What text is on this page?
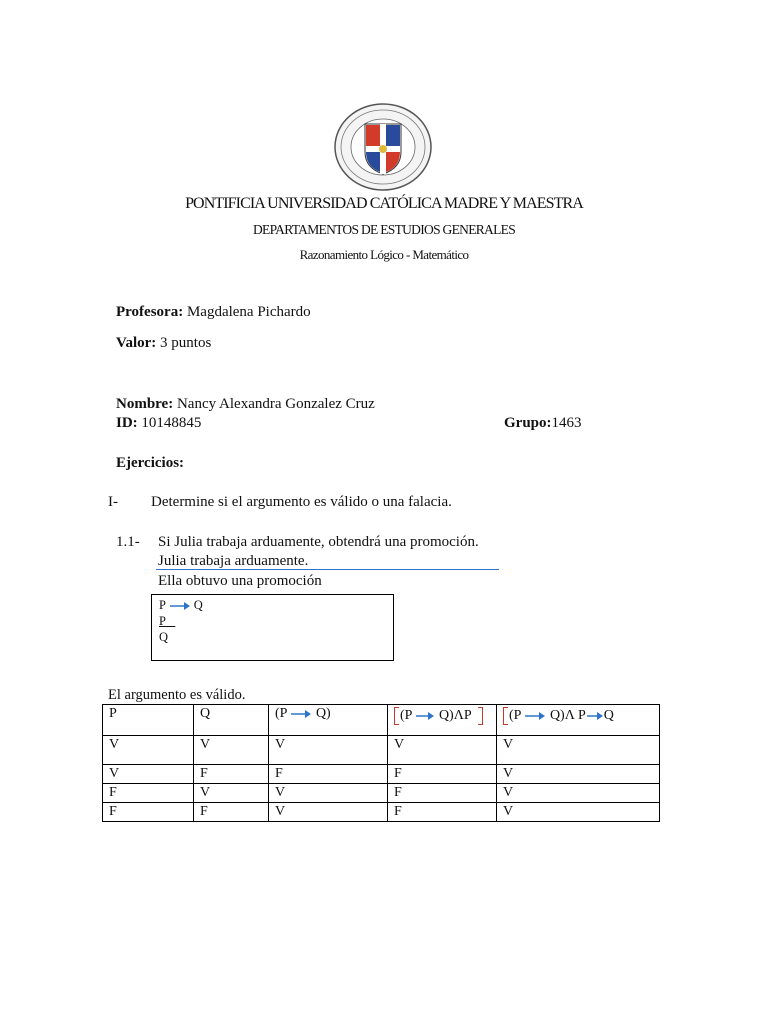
PONTIFICIA UNIVERSIDAD CATÓLICA MADRE Y MAESTRA
DEPARTAMENTOS DE ESTUDIOS GENERALES
Razonamiento Lógico - Matemático
Profesora: Magdalena Pichardo
Valor: 3 puntos
Nombre: Nancy Alexandra Gonzalez Cruz
ID: 10148845	Grupo:1463
Ejercicios:
I- Determine si el argumento es válido o una falacia.
1.1- Si Julia trabaja arduamente, obtendrá una promoción.
Julia trabaja arduamente.
Ella obtuvo una promoción
P Q
P
Q
El argumento es válido.
P	Q	(P Q)	(P Q)ΛP	(P Q)Λ P Q
V	V	V	V	V
V	F	F	F	V
F	V	V	F	V
F	F	V	F	V
